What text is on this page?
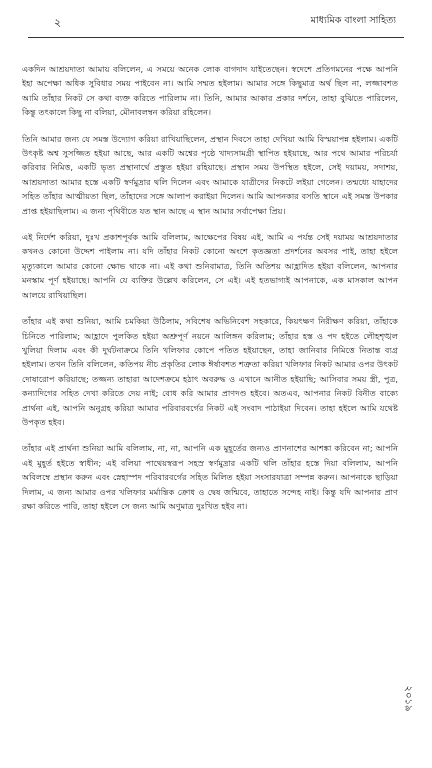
২	মাধ্যমিক বাংলা সাহিত্য

একদিন আশ্রয়দাতা আমায় বলিলেন, এ সময়ে অনেক লোক বাগদাদ যাইতেছেন। স্বদেশে প্রতিগমনের পক্ষে আপনি ইহা অপেক্ষা অধিক সুবিধার সময় পাইবেন না। আমি সম্মত হইলাম। আমার সঙ্গে কিছুমাত্র অর্থ ছিল না, লজ্জাবশত আমি তাঁহার নিকট সে কথা ব্যক্ত করিতে পারিলাম না। তিনি, আমার আকার প্রকার দর্শনে, তাহা বুঝিতে পারিলেন, কিন্তু তৎকালে কিছু না বলিয়া, মৌনাবলম্বন করিয়া রহিলেন।

তিনি আমার জন্য যে সমস্ত উদ্যোগ করিয়া রাখিয়াছিলেন, প্রস্থান দিবসে তাহা দেখিয়া আমি বিস্ময়াপন্ন হইলাম। একটি উৎকৃষ্ট অশ্ব সুসজ্জিত হইয়া আছে, আর একটি অশ্বের পৃষ্ঠে খাদ্যসামগ্রী স্থাপিত হইয়াছে, আর পথে আমার পরিচর্যা করিবার নিমিত্ত, একটি ভৃত্য প্রস্থানার্থে প্রস্তুত হইয়া রহিয়াছে। প্রস্থান সময় উপস্থিত হইলে, সেই দয়াময়, সদাশয়, আশ্রয়দাতা আমার হস্তে একটি স্বর্ণমুদ্রার থলি দিলেন এবং আমাকে যাত্রীদের নিকটে লইয়া গেলেন। তন্মধ্যে যাহাদের সহিত তাঁহার আত্মীয়তা ছিল, তাঁহাদের সঙ্গে আলাপ করাইয়া দিলেন। আমি আপনকার বসতি স্থানে এই সমস্ত উপকার প্রাপ্ত হইয়াছিলাম। এ জন্য পৃথিবীতে যত স্থান আছে এ স্থান আমার সর্বাপেক্ষা প্রিয়।

এই নির্দেশ করিয়া, দুঃখ প্রকাশপূর্বক আমি বলিলাম, আক্ষেপের বিষয় এই, আমি এ পর্যন্ত সেই দয়াময় আশ্রয়দাতার কখনও কোনো উদ্দেশ পাইলাম না। যদি তাঁহার নিকট কোনো অংশে কৃতজ্ঞতা প্রদর্শনের অবসর পাই, তাহা হইলে মৃত্যুকালে আমার কোনো ক্ষোভ থাকে না। এই কথা শুনিবামাত্র, তিনি অতিশয় আহ্লাদিত হইয়া বলিলেন, আপনার মনস্কাম পূর্ণ হইয়াছে। আপনি যে ব্যক্তির উল্লেখ করিলেন, সে এই। এই হতভাগ্যই আপনাকে, এক মাসকাল আপন আলয়ে রাখিয়াছিল।

তাঁহার এই কথা শুনিয়া, আমি চমকিয়া উঠিলাম, সবিশেষ অভিনিবেশ সহকারে, কিয়ৎক্ষণ নিরীক্ষণ করিয়া, তাঁহাকে চিনিতে পারিলাম; আহ্লাদে পুলকিত হইয়া অশ্রুপূর্ণ নয়নে আলিঙ্গন করিলাম; তাঁহার হস্ত ও পদ হইতে লৌহশৃঙ্খল খুলিয়া দিলাম এবং কী দুর্ঘটনাক্রমে তিনি খলিফার কোপে পতিত হইয়াছেন, তাহা জানিবার নিমিত্তে নিতান্ত ব্যগ্র হইলাম। তখন তিনি বলিলেন, কতিপয় নীচ প্রকৃতির লোক ঈর্ষাবশত শত্রুতা করিয়া খলিফার নিকট আমার ওপর উৎকট দোষারোপ করিয়াছে; তজ্জন্য তাহারা আদেশক্রমে হঠাৎ অবরুদ্ধ ও এখানে আনীত হইয়াছি; আসিবার সময় স্ত্রী, পুত্র, কন্যাদিগের সহিত দেখা করিতে দেয় নাই; বোধ করি আমার প্রাণদণ্ড হইবে। অতএব, আপনার নিকট বিনীত বাক্যে প্রার্থনা এই, আপনি অনুগ্রহ করিয়া আমার পরিবারবর্গের নিকট এই সংবাদ পাঠাইয়া দিবেন। তাহা হইলে আমি যথেষ্ট উপকৃত হইব।

তাঁহার এই প্রার্থনা শুনিয়া আমি বলিলাম, না, না, আপনি এক মুহূর্তের জন্যও প্রাণনাশের আশঙ্কা করিবেন না; আপনি এই মুহূর্ত হইতে স্বাধীন; এই বলিয়া পাথেয়স্বরূপ সহস্র স্বর্ণমুদ্রার একটি থলি তাঁহার হস্তে দিয়া বলিলাম, আপনি অবিলম্বে প্রস্থান করুন এবং স্নেহাস্পদ পরিবারবর্গের সহিত মিলিত হইয়া সংসারযাত্রা সম্পন্ন করুন। আপনাকে ছাড়িয়া দিলাম, এ জন্য আমার ওপর খলিফার মর্মান্তিক ক্রোধ ও দ্বেষ জন্মিবে, তাহাতে সন্দেহ নাই। কিন্তু যদি আপনার প্রাণ রক্ষা করিতে পারি, তাহা হইলে সে জন্য আমি অণুমাত্র দুঃখিত হইব না।

২০১৯
